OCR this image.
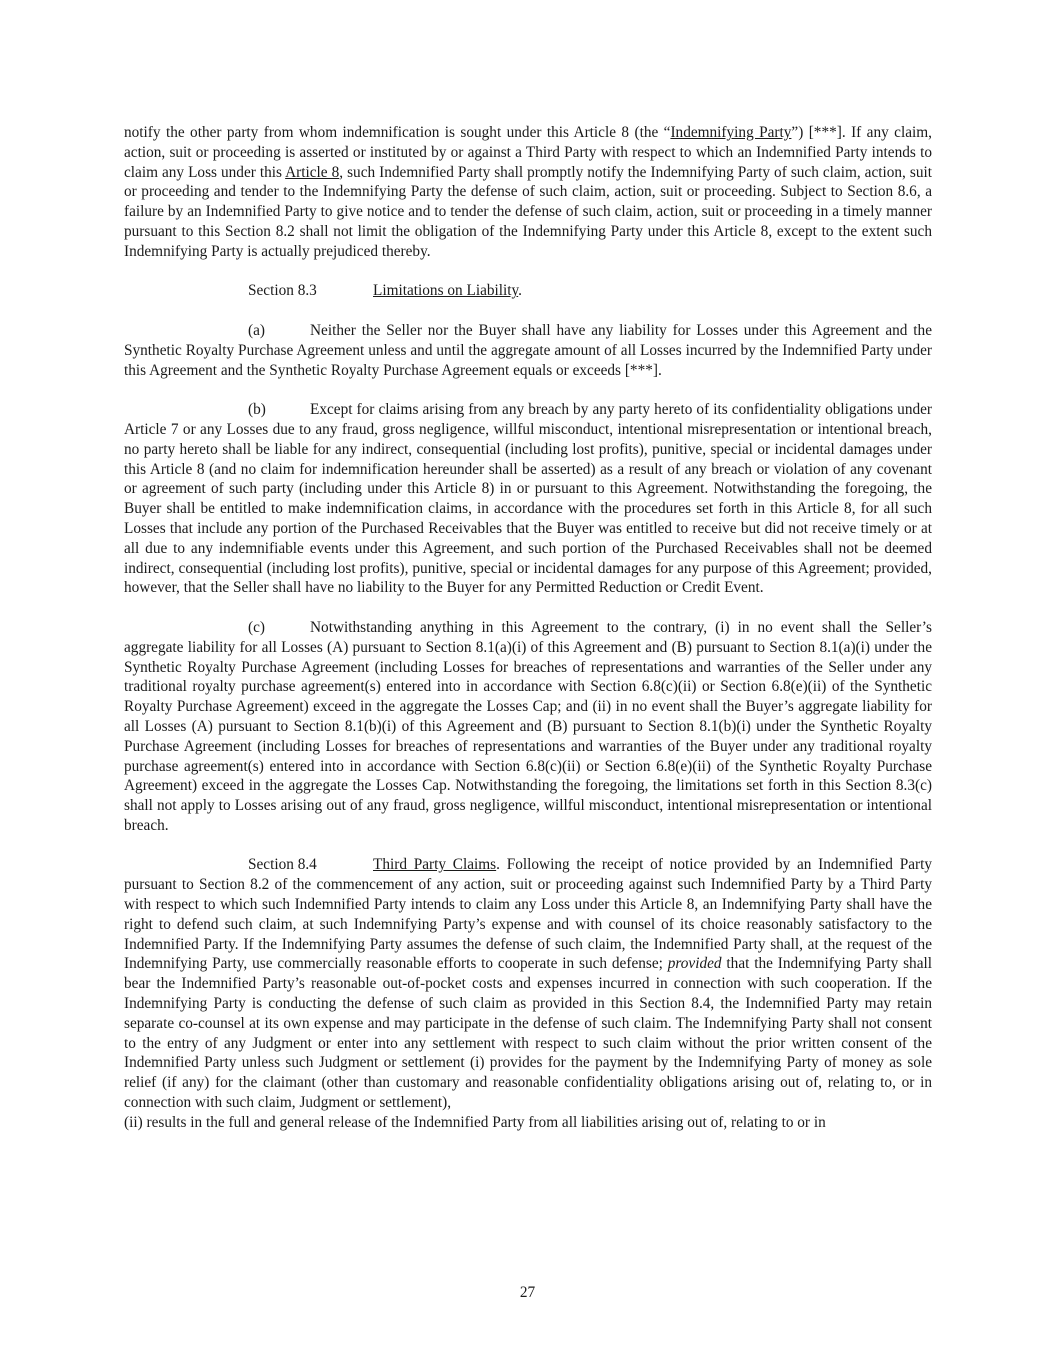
notify the other party from whom indemnification is sought under this Article 8 (the “Indemnifying Party”) [***]. If any claim, action, suit or proceeding is asserted or instituted by or against a Third Party with respect to which an Indemnified Party intends to claim any Loss under this Article 8, such Indemnified Party shall promptly notify the Indemnifying Party of such claim, action, suit or proceeding and tender to the Indemnifying Party the defense of such claim, action, suit or proceeding. Subject to Section 8.6, a failure by an Indemnified Party to give notice and to tender the defense of such claim, action, suit or proceeding in a timely manner pursuant to this Section 8.2 shall not limit the obligation of the Indemnifying Party under this Article 8, except to the extent such Indemnifying Party is actually prejudiced thereby.

Section 8.3	Limitations on Liability.

(a)	Neither the Seller nor the Buyer shall have any liability for Losses under this Agreement and the Synthetic Royalty Purchase Agreement unless and until the aggregate amount of all Losses incurred by the Indemnified Party under this Agreement and the Synthetic Royalty Purchase Agreement equals or exceeds [***].

(b)	Except for claims arising from any breach by any party hereto of its confidentiality obligations under Article 7 or any Losses due to any fraud, gross negligence, willful misconduct, intentional misrepresentation or intentional breach, no party hereto shall be liable for any indirect, consequential (including lost profits), punitive, special or incidental damages under this Article 8 (and no claim for indemnification hereunder shall be asserted) as a result of any breach or violation of any covenant or agreement of such party (including under this Article 8) in or pursuant to this Agreement. Notwithstanding the foregoing, the Buyer shall be entitled to make indemnification claims, in accordance with the procedures set forth in this Article 8, for all such Losses that include any portion of the Purchased Receivables that the Buyer was entitled to receive but did not receive timely or at all due to any indemnifiable events under this Agreement, and such portion of the Purchased Receivables shall not be deemed indirect, consequential (including lost profits), punitive, special or incidental damages for any purpose of this Agreement; provided, however, that the Seller shall have no liability to the Buyer for any Permitted Reduction or Credit Event.

(c)	Notwithstanding anything in this Agreement to the contrary, (i) in no event shall the Seller’s aggregate liability for all Losses (A) pursuant to Section 8.1(a)(i) of this Agreement and (B) pursuant to Section 8.1(a)(i) under the Synthetic Royalty Purchase Agreement (including Losses for breaches of representations and warranties of the Seller under any traditional royalty purchase agreement(s) entered into in accordance with Section 6.8(c)(ii) or Section 6.8(e)(ii) of the Synthetic Royalty Purchase Agreement) exceed in the aggregate the Losses Cap; and (ii) in no event shall the Buyer’s aggregate liability for all Losses (A) pursuant to Section 8.1(b)(i) of this Agreement and (B) pursuant to Section 8.1(b)(i) under the Synthetic Royalty Purchase Agreement (including Losses for breaches of representations and warranties of the Buyer under any traditional royalty purchase agreement(s) entered into in accordance with Section 6.8(c)(ii) or Section 6.8(e)(ii) of the Synthetic Royalty Purchase Agreement) exceed in the aggregate the Losses Cap. Notwithstanding the foregoing, the limitations set forth in this Section 8.3(c) shall not apply to Losses arising out of any fraud, gross negligence, willful misconduct, intentional misrepresentation or intentional breach.

Section 8.4	Third Party Claims. Following the receipt of notice provided by an Indemnified Party pursuant to Section 8.2 of the commencement of any action, suit or proceeding against such Indemnified Party by a Third Party with respect to which such Indemnified Party intends to claim any Loss under this Article 8, an Indemnifying Party shall have the right to defend such claim, at such Indemnifying Party’s expense and with counsel of its choice reasonably satisfactory to the Indemnified Party. If the Indemnifying Party assumes the defense of such claim, the Indemnified Party shall, at the request of the Indemnifying Party, use commercially reasonable efforts to cooperate in such defense; provided that the Indemnifying Party shall bear the Indemnified Party’s reasonable out-of-pocket costs and expenses incurred in connection with such cooperation. If the Indemnifying Party is conducting the defense of such claim as provided in this Section 8.4, the Indemnified Party may retain separate co-counsel at its own expense and may participate in the defense of such claim. The Indemnifying Party shall not consent to the entry of any Judgment or enter into any settlement with respect to such claim without the prior written consent of the Indemnified Party unless such Judgment or settlement (i) provides for the payment by the Indemnifying Party of money as sole relief (if any) for the claimant (other than customary and reasonable confidentiality obligations arising out of, relating to, or in connection with such claim, Judgment or settlement),
(ii) results in the full and general release of the Indemnified Party from all liabilities arising out of, relating to or in

27
